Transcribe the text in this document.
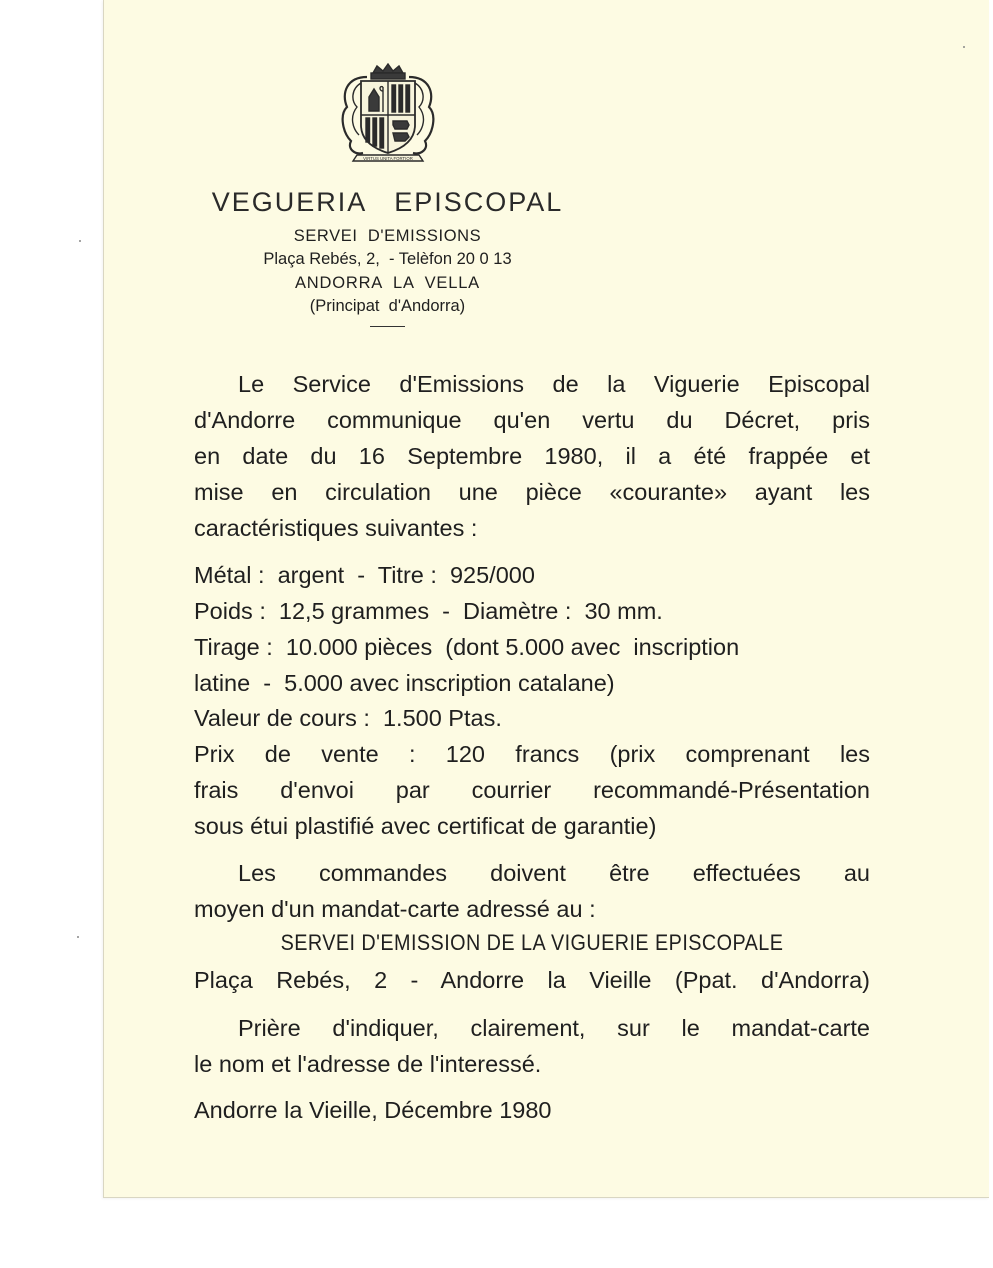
VIRTUS UNITA FORTIOR
VEGUERIA   EPISCOPAL
SERVEI  D'EMISSIONS
Plaça Rebés, 2,  - Telèfon 20 0 13
ANDORRA  LA  VELLA
(Principat  d'Andorra)
Le Service d'Emissions de la Viguerie Episcopal
d'Andorre communique qu'en vertu du Décret, pris
en date du 16 Septembre 1980, il a été frappée et
mise en circulation une pièce «courante» ayant les
caractéristiques suivantes :
Métal :  argent  -  Titre :  925/000
Poids :  12,5 grammes  -  Diamètre :  30 mm.
Tirage :  10.000 pièces  (dont 5.000 avec  inscription
latine  -  5.000 avec inscription catalane)
Valeur de cours :  1.500 Ptas.
Prix de vente : 120 francs (prix comprenant les
frais d'envoi par courrier recommandé-Présentation
sous étui plastifié avec certificat de garantie)
Les commandes doivent être effectuées au
moyen d'un mandat-carte adressé au :
SERVEI D'EMISSION DE LA VIGUERIE EPISCOPALE
Plaça Rebés, 2 - Andorre la Vieille (Ppat. d'Andorra)
Prière d'indiquer, clairement, sur le mandat-carte
le nom et l'adresse de l'interessé.
Andorre la Vieille, Décembre 1980
